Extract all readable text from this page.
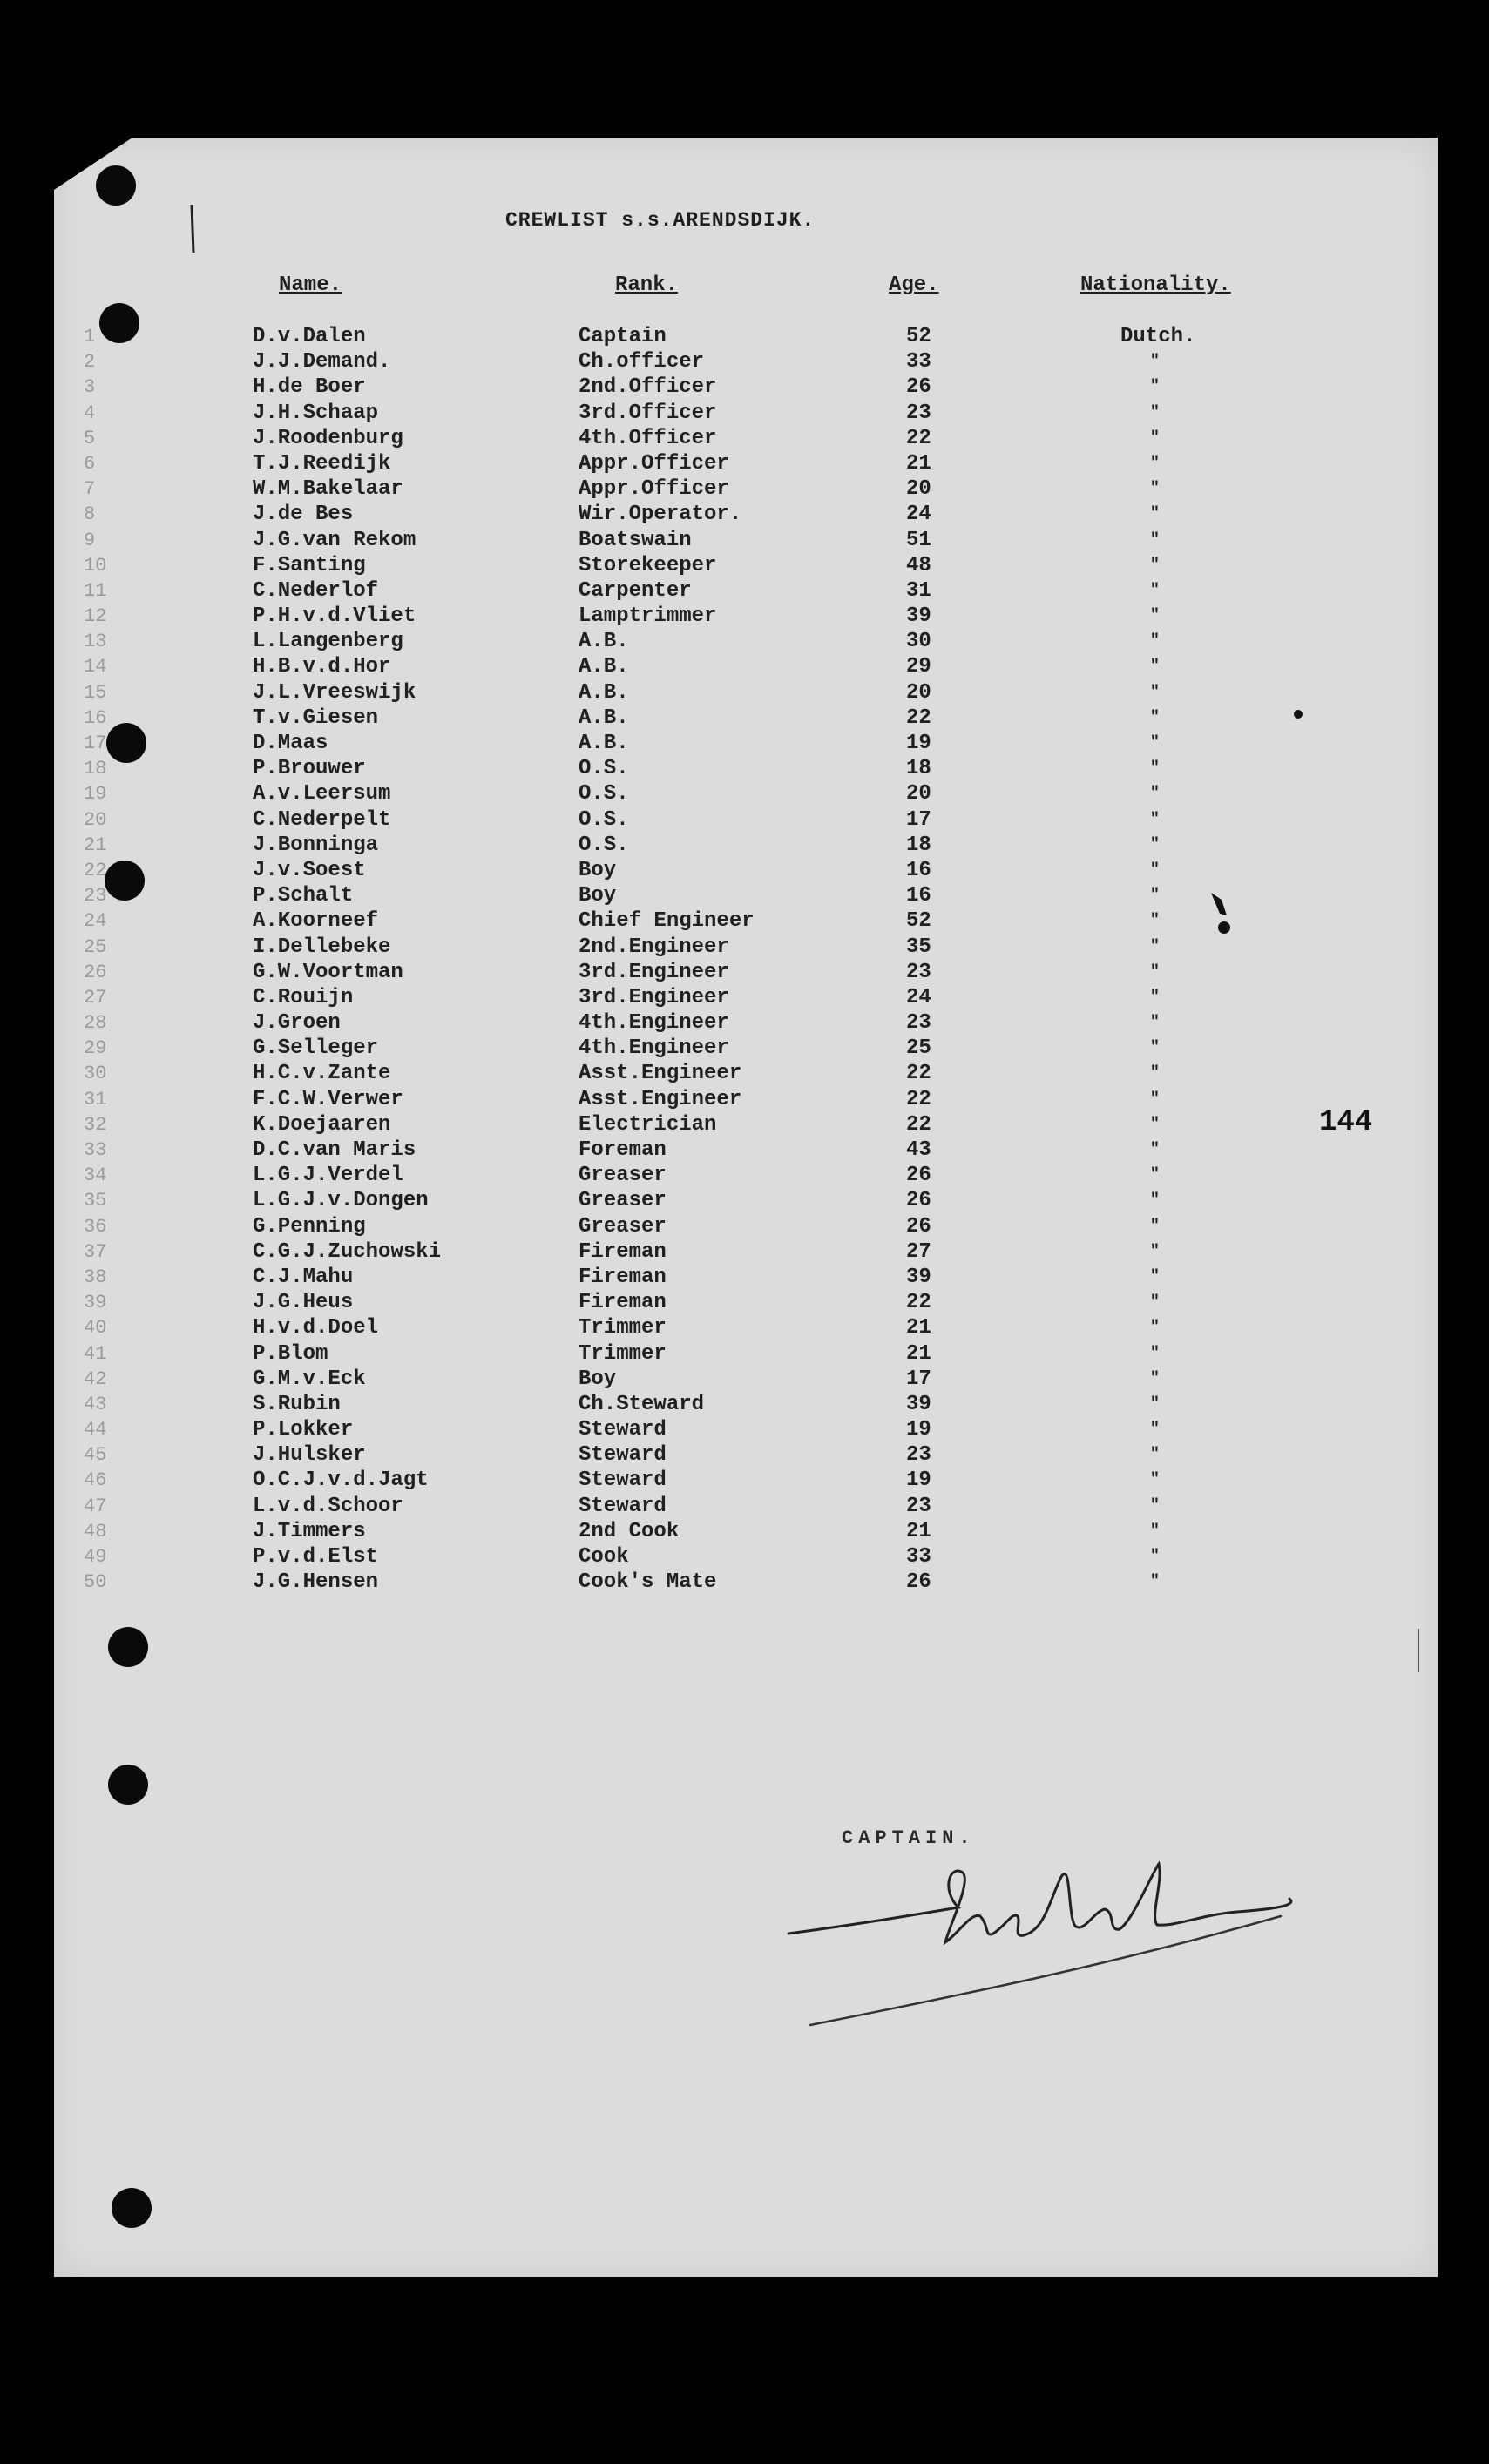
CREWLIST s.s.ARENDSDIJK.
Name.	Rank.	Age.	Nationality.
1	D.v.Dalen	Captain	52	Dutch.
2	J.J.Demand.	Ch.officer	33	"
3	H.de Boer	2nd.Officer	26	"
4	J.H.Schaap	3rd.Officer	23	"
5	J.Roodenburg	4th.Officer	22	"
6	T.J.Reedijk	Appr.Officer	21	"
7	W.M.Bakelaar	Appr.Officer	20	"
8	J.de Bes	Wir.Operator.	24	"
9	J.G.van Rekom	Boatswain	51	"
10	F.Santing	Storekeeper	48	"
11	C.Nederlof	Carpenter	31	"
12	P.H.v.d.Vliet	Lamptrimmer	39	"
13	L.Langenberg	A.B.	30	"
14	H.B.v.d.Hor	A.B.	29	"
15	J.L.Vreeswijk	A.B.	20	"
16	T.v.Giesen	A.B.	22	"
17	D.Maas	A.B.	19	"
18	P.Brouwer	O.S.	18	"
19	A.v.Leersum	O.S.	20	"
20	C.Nederpelt	O.S.	17	"
21	J.Bonninga	O.S.	18	"
22	J.v.Soest	Boy	16	"
23	P.Schalt	Boy	16	"
24	A.Koorneef	Chief Engineer	52	"
25	I.Dellebeke	2nd.Engineer	35	"
26	G.W.Voortman	3rd.Engineer	23	"
27	C.Rouijn	3rd.Engineer	24	"
28	J.Groen	4th.Engineer	23	"
29	G.Selleger	4th.Engineer	25	"
30	H.C.v.Zante	Asst.Engineer	22	"
31	F.C.W.Verwer	Asst.Engineer	22	"
32	K.Doejaaren	Electrician	22	"
33	D.C.van Maris	Foreman	43	"
34	L.G.J.Verdel	Greaser	26	"
35	L.G.J.v.Dongen	Greaser	26	"
36	G.Penning	Greaser	26	"
37	C.G.J.Zuchowski	Fireman	27	"
38	C.J.Mahu	Fireman	39	"
39	J.G.Heus	Fireman	22	"
40	H.v.d.Doel	Trimmer	21	"
41	P.Blom	Trimmer	21	"
42	G.M.v.Eck	Boy	17	"
43	S.Rubin	Ch.Steward	39	"
44	P.Lokker	Steward	19	"
45	J.Hulsker	Steward	23	"
46	O.C.J.v.d.Jagt	Steward	19	"
47	L.v.d.Schoor	Steward	23	"
48	J.Timmers	2nd Cook	21	"
49	P.v.d.Elst	Cook	33	"
50	J.G.Hensen	Cook's Mate	26	"
144
CAPTAIN.
